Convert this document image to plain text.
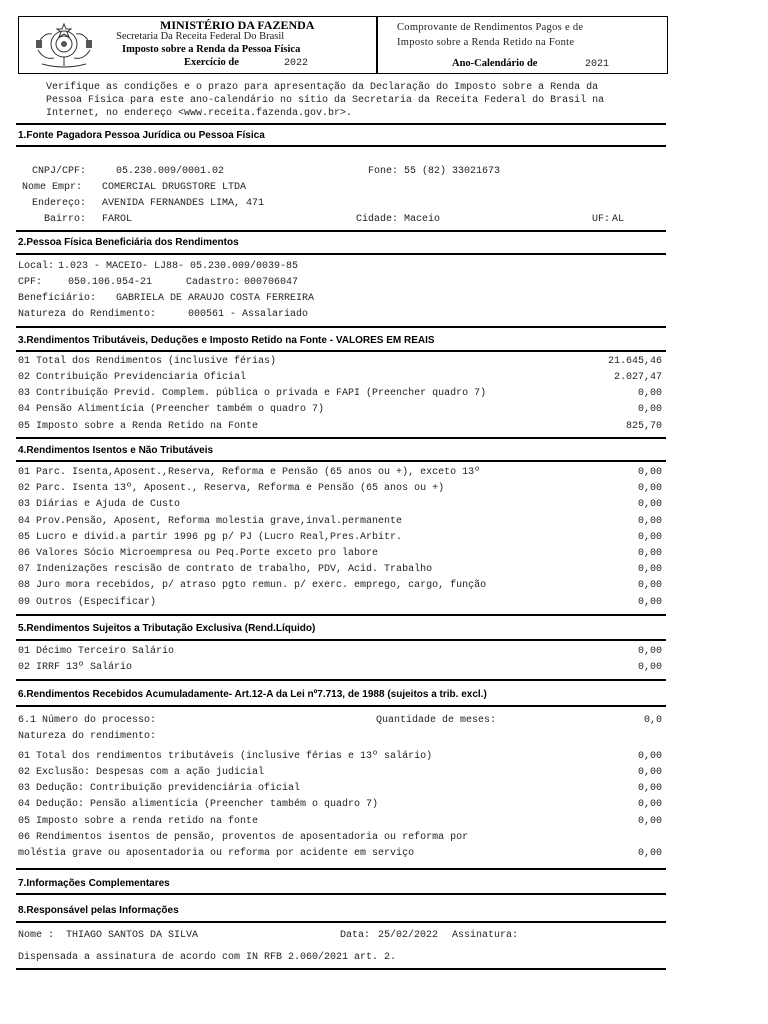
MINISTÉRIO DA FAZENDA
Secretaria Da Receita Federal Do Brasil
Imposto sobre a Renda da Pessoa Física
Exercício de	2022
Comprovante de Rendimentos Pagos e de
Imposto sobre a Renda Retido na Fonte
Ano-Calendário de	2021
Verifique as condições e o prazo para apresentação da Declaração do Imposto sobre a Renda da
Pessoa Física para este ano-calendário no sítio da Secretaria da Receita Federal do Brasil na
Internet, no endereço <www.receita.fazenda.gov.br>.
1.Fonte Pagadora Pessoa Jurídica ou Pessoa Física
CNPJ/CPF:	05.230.009/0001.02	Fone: 55 (82) 33021673
Nome Empr: COMERCIAL DRUGSTORE LTDA
Endereço: AVENIDA FERNANDES LIMA, 471
Bairro: FAROL	Cidade: Maceio	UF: AL
2.Pessoa Física Beneficiária dos Rendimentos
Local: 1.023 - MACEIO- LJ88- 05.230.009/0039-85
CPF:	050.106.954-21	Cadastro: 000706047
Beneficiário: GABRIELA DE ARAUJO COSTA FERREIRA
Natureza do Rendimento:	000561 - Assalariado
3.Rendimentos Tributáveis, Deduções e Imposto Retido na Fonte - VALORES EM REAIS
01 Total dos Rendimentos (inclusive férias)	21.645,46
02 Contribuição Previdenciaria Oficial	2.027,47
03 Contribuição Previd. Complem. pública o privada e FAPI (Preencher quadro 7)	0,00
04 Pensão Alimentícia (Preencher também o quadro 7)	0,00
05 Imposto sobre a Renda Retido na Fonte	825,70
4.Rendimentos Isentos e Não Tributáveis
01 Parc. Isenta,Aposent.,Reserva, Reforma e Pensão (65 anos ou +), exceto 13º	0,00
02 Parc. Isenta 13º, Aposent., Reserva, Reforma e Pensão (65 anos ou +)	0,00
03 Diárias e Ajuda de Custo	0,00
04 Prov.Pensão, Aposent, Reforma molestia grave,inval.permanente	0,00
05 Lucro e divid.a partir 1996 pg p/ PJ (Lucro Real,Pres.Arbitr.	0,00
06 Valores Sócio Microempresa ou Peq.Porte exceto pro labore	0,00
07 Indenizações rescisão de contrato de trabalho, PDV, Acid. Trabalho	0,00
08 Juro mora recebidos, p/ atraso pgto remun. p/ exerc. emprego, cargo, função	0,00
09 Outros (Especificar)	0,00
5.Rendimentos Sujeitos a Tributação Exclusiva (Rend.Líquido)
01 Décimo Terceiro Salário	0,00
02 IRRF 13º Salário	0,00
6.Rendimentos Recebidos Acumuladamente- Art.12-A da Lei nº7.713, de 1988 (sujeitos a trib. excl.)
6.1 Número do processo:	Quantidade de meses:	0,0
Natureza do rendimento:
01 Total dos rendimentos tributáveis (inclusive férias e 13º salário)	0,00
02 Exclusão: Despesas com a ação judicial	0,00
03 Dedução: Contribuição previdenciária oficial	0,00
04 Dedução: Pensão alimentícia (Preencher também o quadro 7)	0,00
05 Imposto sobre a renda retido na fonte	0,00
06 Rendimentos isentos de pensão, proventos de aposentadoria ou reforma por
moléstia grave ou aposentadoria ou reforma por acidente em serviço	0,00
7.Informações Complementares
8.Responsável pelas Informações
Nome : THIAGO SANTOS DA SILVA	Data: 25/02/2022 Assinatura:
Dispensada a assinatura de acordo com IN RFB 2.060/2021 art. 2.
